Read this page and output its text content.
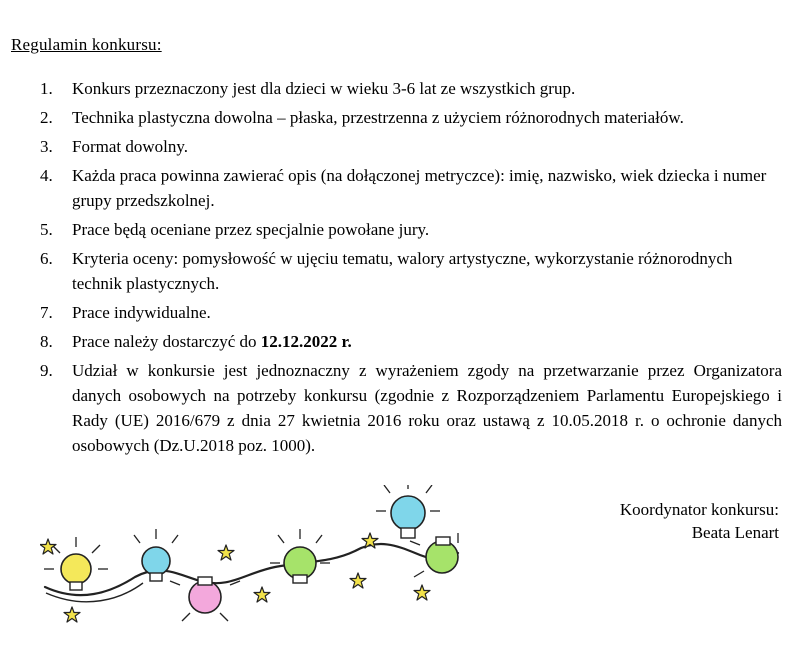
Regulamin konkursu:
1. Konkurs przeznaczony jest dla dzieci w wieku 3-6 lat ze wszystkich grup.
2. Technika plastyczna dowolna – płaska, przestrzenna z użyciem różnorodnych materiałów.
3. Format dowolny.
4. Każda praca powinna zawierać opis (na dołączonej metryczce): imię, nazwisko, wiek dziecka i numer grupy przedszkolnej.
5. Prace będą oceniane przez specjalnie powołane jury.
6. Kryteria oceny: pomysłowość w ujęciu tematu, walory artystyczne, wykorzystanie różnorodnych technik plastycznych.
7. Prace indywidualne.
8. Prace należy dostarczyć do 12.12.2022 r.
9. Udział w konkursie jest jednoznaczny z wyrażeniem zgody na przetwarzanie przez Organizatora danych osobowych na potrzeby konkursu (zgodnie z Rozporządzeniem Parlamentu Europejskiego i Rady (UE) 2016/679 z dnia 27 kwietnia 2016 roku oraz ustawą z 10.05.2018 r. o ochronie danych osobowych (Dz.U.2018 poz. 1000).
Koordynator konkursu:
Beata Lenart
